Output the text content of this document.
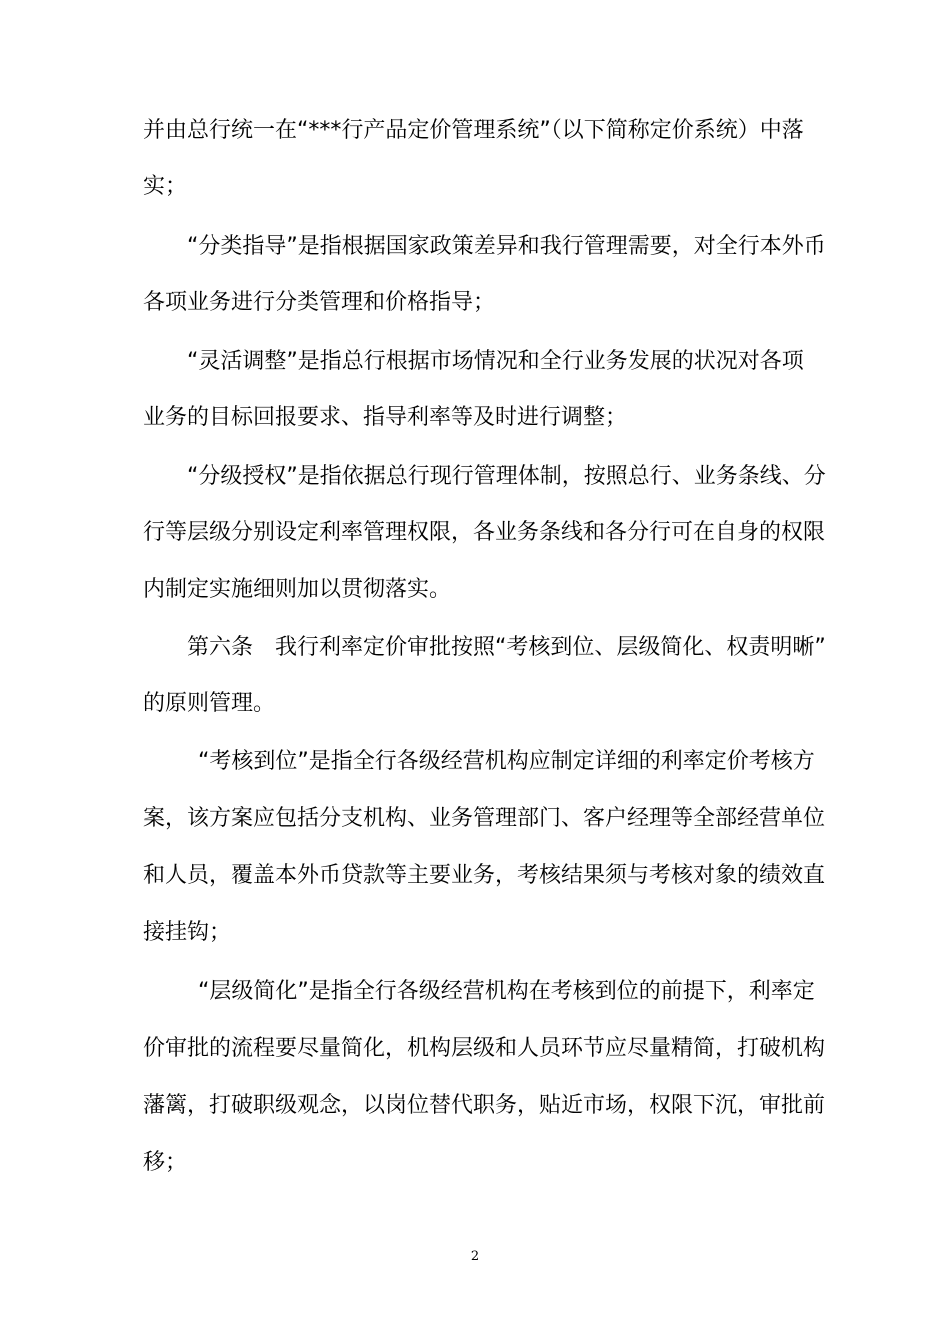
并由总行统一在“***行产品定价管理系统”（以下简称定价系统）中落
实；
“分类指导”是指根据国家政策差异和我行管理需要，对全行本外币
各项业务进行分类管理和价格指导；
“灵活调整”是指总行根据市场情况和全行业务发展的状况对各项
业务的目标回报要求、指导利率等及时进行调整；
“分级授权”是指依据总行现行管理体制，按照总行、业务条线、分
行等层级分别设定利率管理权限，各业务条线和各分行可在自身的权限
内制定实施细则加以贯彻落实。
第六条　我行利率定价审批按照“考核到位、层级简化、权责明晰”
的原则管理。
“考核到位”是指全行各级经营机构应制定详细的利率定价考核方
案，该方案应包括分支机构、业务管理部门、客户经理等全部经营单位
和人员，覆盖本外币贷款等主要业务，考核结果须与考核对象的绩效直
接挂钩；
“层级简化”是指全行各级经营机构在考核到位的前提下，利率定
价审批的流程要尽量简化，机构层级和人员环节应尽量精简，打破机构
藩篱，打破职级观念，以岗位替代职务，贴近市场，权限下沉，审批前
移；
2
